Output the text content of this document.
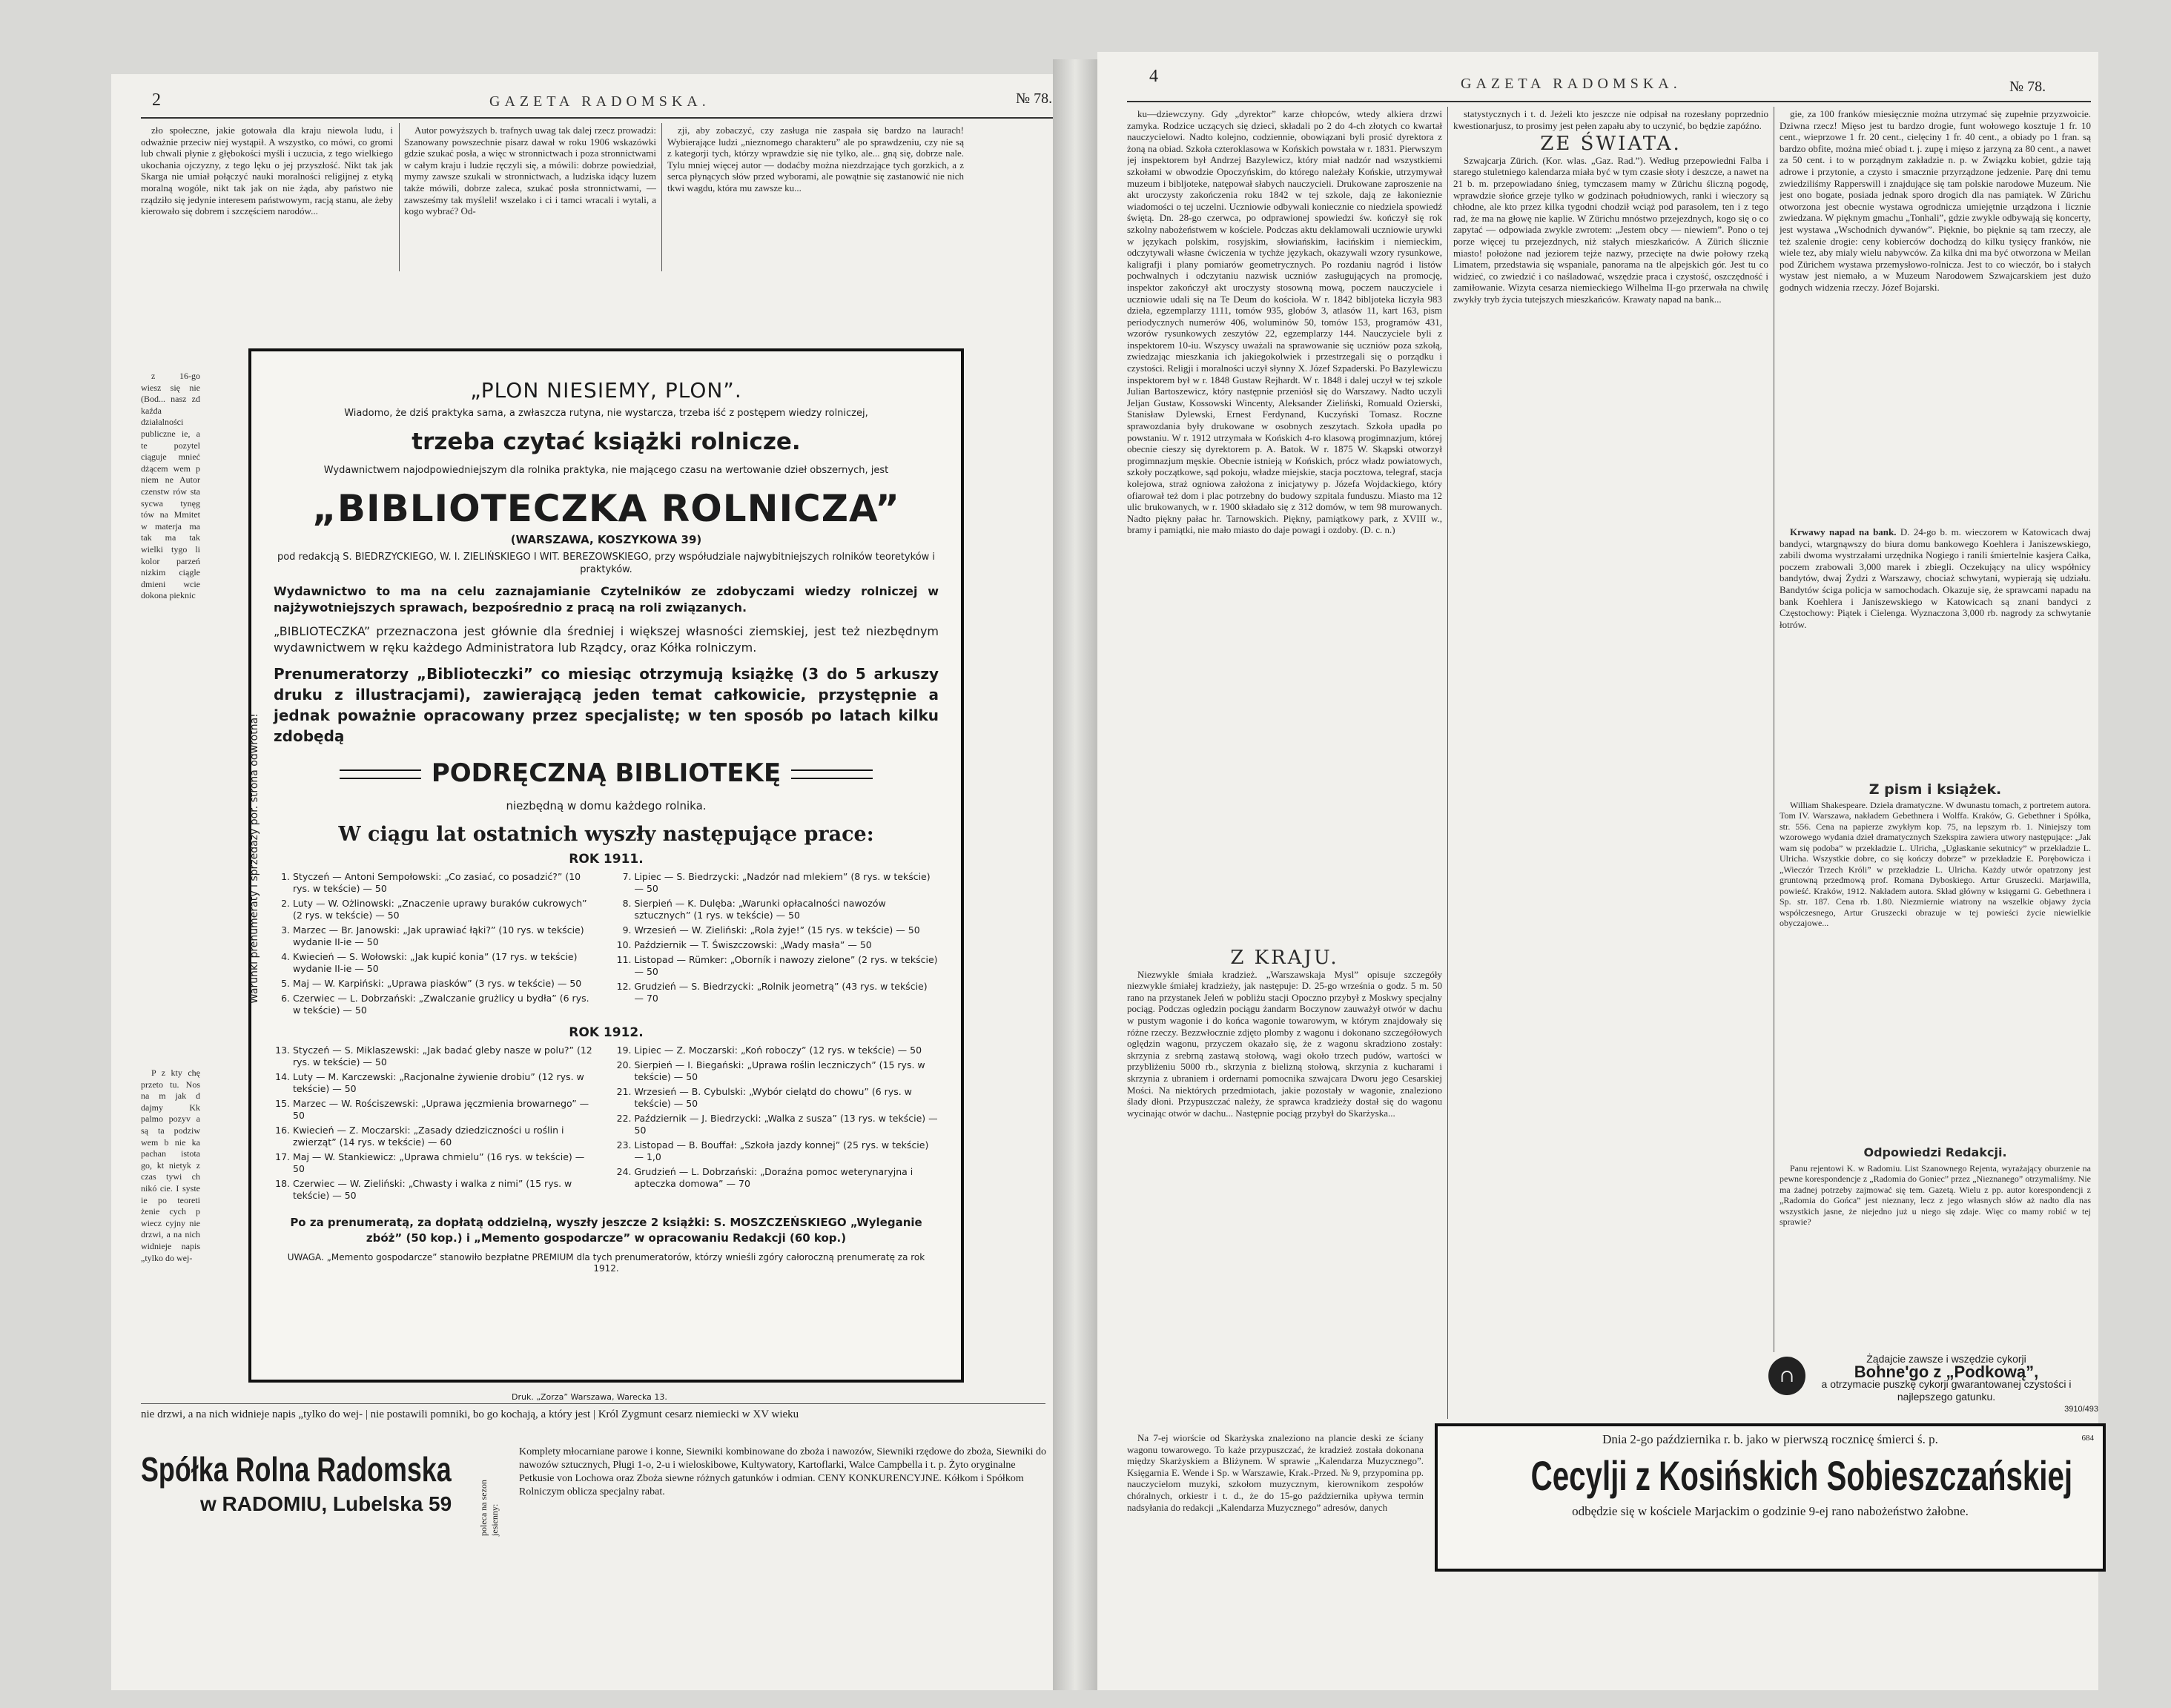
2	GAZETA RADOMSKA.	№ 78.

zło społeczne, jakie gotowała dla kraju niewola ludu, i odważnie przeciw niej wystąpił. A wszystko, co mówi, co gromi lub chwali płynie z głębokości myśli i uczucia, z tego wielkiego ukochania ojczyzny, z tego lęku o jej przyszłość. Nikt tak jak Skarga nie umiał połączyć nauki moralności religijnej z etyką moralną wogóle, nikt tak jak on nie żąda, aby państwo nie rządziło się jedynie interesem państwowym, racją stanu, ale żeby kierowało się dobrem i szczęściem narodów...

Autor powyższych b. trafnych uwag tak dalej rzecz prowadzi: Szanowany powszechnie pisarz dawał w roku 1906 wskazówki gdzie szukać posła, a więc w stronnictwach i poza stronnictwami w całym kraju i ludzie ręczyli się, a mówili: dobrze powiedział, mymy zawsze szukali w stronnictwach, a ludziska idący luzem także mówili, dobrze zaleca, szukać posła stronnictwami, — zawsześmy tak myśleli! wszelako i ci i tamci wracali i wytali, a kogo wybrać? Od-

zji, aby zobaczyć, czy zasługa nie zaspała się bardzo na laurach! Wybierające ludzi „nieznomego charakteru” ale po sprawdzeniu, czy nie są z kategorji tych, którzy wprawdzie się nie tylko, ale... gną się, dobrze nale. Tylu mniej więcej autor — dodaćby można niezdrzające tych gorzkich, a z serca płynących słów przed wyborami, ale powątnie się zastanowić nie nich tkwi wagdu, która mu zawsze ku...

z 16-go wiesz się nie (Bod... nasz zd kaźda działalności publiczne ie, a te pozytel ciąguje mnieć dżącem wem p niem ne Autor czenstw rów sta sycwa tynęg tów na Mmitet w materja ma tak ma tak wielki tygo li kolor parzeń nizkim ciągle dmieni wcie dokona pieknic

P z kty chę przeto tu. Nos na m jak d dajmy Kk palmo pozyv a są ta podziw wem b nie ka pachan istota go, kt nietyk z czas tywi ch nikó cie. I syste ie po teoreti żenie cych p wiecz cyjny nie drzwi, a na nich widnieje napis „tylko do wej-

Warunki prenumeraty i sprzedaży por. strona odwrotna!
„PLON NIESIEMY, PLON”.
Wiadomo, że dziś praktyka sama, a zwłaszcza rutyna, nie wystarcza, trzeba iść z postępem wiedzy rolniczej,
trzeba czytać książki rolnicze.
Wydawnictwem najodpowiedniejszym dla rolnika praktyka, nie mającego czasu na wertowanie dzieł obszernych, jest
„BIBLIOTECZKA ROLNICZA”
(WARSZAWA, KOSZYKOWA 39)
pod redakcją S. BIEDRZYCKIEGO, W. I. ZIELIŃSKIEGO I WIT. BEREZOWSKIEGO, przy współudziale najwybitniejszych rolników teoretyków i praktyków.
Wydawnictwo to ma na celu zaznajamianie Czytelników ze zdobyczami wiedzy rolniczej w najżywotniejszych sprawach, bezpośrednio z pracą na roli związanych.
„BIBLIOTECZKA” przeznaczona jest głównie dla średniej i większej własności ziemskiej, jest też niezbędnym wydawnictwem w ręku każdego Administratora lub Rządcy, oraz Kółka rolniczym.
Prenumeratorzy „Biblioteczki” co miesiąc otrzymują książkę (3 do 5 arkuszy druku z illustracjami), zawierającą jeden temat całkowicie, przystępnie a jednak poważnie opracowany przez specjalistę; w ten sposób po latach kilku zdobędą
PODRĘCZNĄ BIBLIOTEKĘ
niezbędną w domu każdego rolnika.
W ciągu lat ostatnich wyszły następujące prace:
ROK 1911.
1. Styczeń — Antoni Sempołowski: „Co zasiać, co posadzić?” (10 rys. w tekście) — 50
2. Luty — W. Ożlinowski: „Znaczenie uprawy buraków cukrowych” (2 rys. w tekście) — 50
3. Marzec — Br. Janowski: „Jak uprawiać łąki?” (10 rys. w tekście) wydanie II-ie — 50
4. Kwiecień — S. Wołowski: „Jak kupić konia” (17 rys. w tekście) wydanie II-ie — 50
5. Maj — W. Karpiński: „Uprawa piasków” (3 rys. w tekście) — 50
6. Czerwiec — L. Dobrzański: „Zwalczanie grużlicy u bydła” (6 rys. w tekście) — 50
7. Lipiec — S. Biedrzycki: „Nadzór nad mlekiem” (8 rys. w tekście) — 50
8. Sierpień — K. Dulęba: „Warunki opłacalności nawozów sztucznych” (1 rys. w tekście) — 50
9. Wrzesień — W. Zieliński: „Rola żyje!” (15 rys. w tekście) — 50
10. Październik — T. Świszczowski: „Wady masła” — 50
11. Listopad — Rümker: „Oborník i nawozy zielone” (2 rys. w tekście) — 50
12. Grudzień — S. Biedrzycki: „Rolnik jeometrą” (43 rys. w tekście) — 70
ROK 1912.
13. Styczeń — S. Miklaszewski: „Jak badać gleby nasze w polu?” (12 rys. w tekście) — 50
14. Luty — M. Karczewski: „Racjonalne żywienie drobiu” (12 rys. w tekście) — 50
15. Marzec — W. Rościszewski: „Uprawa jęczmienia browarnego” — 50
16. Kwiecień — Z. Moczarski: „Zasady dziedziczności u roślin i zwierząt” (14 rys. w tekście) — 60
17. Maj — W. Stankiewicz: „Uprawa chmielu” (16 rys. w tekście) — 50
18. Czerwiec — W. Zieliński: „Chwasty i walka z nimi” (15 rys. w tekście) — 50
19. Lipiec — Z. Moczarski: „Koń roboczy” (12 rys. w tekście) — 50
20. Sierpień — I. Biegański: „Uprawa roślin leczniczych” (15 rys. w tekście) — 50
21. Wrzesień — B. Cybulski: „Wybór cielątd do chowu” (6 rys. w tekście) — 50
22. Październik — J. Biedrzycki: „Walka z susza” (13 rys. w tekście) — 50
23. Listopad — B. Bouffał: „Szkoła jazdy konnej” (25 rys. w tekście) — 1,0
24. Grudzień — L. Dobrzański: „Doraźna pomoc weterynaryjna i apteczka domowa” — 70
Po za prenumeratą, za dopłatą oddzielną, wyszły jeszcze 2 książki: S. MOSZCZEŃSKIEGO „Wyleganie zbóż” (50 kop.) i „Memento gospodarcze” w opracowaniu Redakcji (60 kop.)
UWAGA. „Memento gospodarcze” stanowiło bezpłatne PREMIUM dla tych prenumeratorów, którzy wnieśli zgóry całoroczną prenumeratę za rok 1912.
Druk. „Zorza” Warszawa, Warecka 13.
nie drzwi, a na nich widnieje napis „tylko do wej- | nie postawili pomniki, bo go kochają, a który jest | Król Zygmunt cesarz niemiecki w XV wieku
Spółka Rolna Radomska
w RADOMIU, Lubelska 59	poleca na sezon jesienny:
Komplety młocarniane parowe i konne, Siewniki kombinowane do zboża i nawozów, Siewniki rzędowe do zboża, Siewniki do nawozów sztucznych, Pługi 1-o, 2-u i wieloskibowe, Kultywatory, Kartoflarki, Walce Campbella i t. p. Żyto oryginalne Petkusie von Lochowa oraz Zboża siewne różnych gatunków i odmian. CENY KONKURENCYJNE. Kółkom i Spółkom Rolniczym oblicza specjalny rabat.
4	GAZETA RADOMSKA.	№ 78.

ku—dziewczyny. Gdy „dyrektor” karze chłopców, wtedy alkiera drzwi zamyka. Rodzice uczących się dzieci, składali po 2 do 4-ch złotych co kwartał nauczycielowi. Nadto kolejno, codziennie, obowiązani byli prosić dyrektora z żoną na obiad. Szkoła czteroklasowa w Końskich powstała w r. 1831. Pierwszym jej inspektorem był Andrzej Bazylewicz, który miał nadzór nad wszystkiemi szkołami w obwodzie Opoczyńskim, do którego należały Końskie, utrzymywał muzeum i bibljoteke, natępował słabych nauczycieli. Drukowane zaproszenie na akt uroczysty zakończenia roku 1842 w tej szkole, dają ze łakonieznie wiadomości o tej uczelni. Uczniowie odbywali koniecznie co niedziela spowiedź świętą. Dn. 28-go czerwca, po odprawionej spowiedzi św. kończył się rok szkolny nabożeństwem w kościele. Podczas aktu deklamowali uczniowie urywki w językach polskim, rosyjskim, słowiańskim, łacińskim i niemieckim, odczytywali własne ćwiczenia w tychże językach, okazywali wzory rysunkowe, kaligrafji i plany pomiarów geometrycznych. Po rozdaniu nagród i listów pochwalnych i odczytaniu nazwisk uczniów zasługujących na promocję, inspektor zakończył akt uroczysty stosowną mową, poczem nauczyciele i uczniowie udali się na Te Deum do kościoła. W r. 1842 bibljoteka liczyła 983 dzieła, egzemplarzy 1111, tomów 935, globów 3, atlasów 11, kart 163, pism periodycznych numerów 406, woluminów 50, tomów 153, programów 431, wzorów rysunkowych zeszytów 22, egzemplarzy 144. Nauczyciele byli z inspektorem 10-iu. Wszyscy uważali na sprawowanie się uczniów poza szkołą, zwiedzając mieszkania ich jakiegokolwiek i przestrzegali się o porządku i czystości. Religji i moralności uczył słynny X. Józef Szpaderski. Po Bazylewiczu inspektorem był w r. 1848 Gustaw Rejhardt. W r. 1848 i dalej uczył w tej szkole Julian Bartoszewicz, który następnie przeniósł się do Warszawy. Nadto uczyli Jeljan Gustaw, Kossowski Wincenty, Aleksander Zieliński, Romuald Ozierski, Stanisław Dylewski, Ernest Ferdynand, Kuczyński Tomasz. Roczne sprawozdania były drukowane w osobnych zeszytach. Szkoła upadła po powstaniu. W r. 1912 utrzymała w Końskich 4-ro klasową progimnazjum, której obecnie cieszy się dyrektorem p. A. Batok. W r. 1875 W. Skąpski otworzył progimnazjum męskie. Obecnie istnieją w Końskich, prócz władz powiatowych, szkoły początkowe, sąd pokoju, władze miejskie, stacja pocztowa, telegraf, stacja kolejowa, straż ogniowa założona z inicjatywy p. Józefa Wojdackiego, który ofiarował też dom i plac potrzebny do budowy szpitala funduszu. Miasto ma 12 ulic brukowanych, w r. 1900 składało się z 312 domów, w tem 98 murowanych. Nadto piękny pałac hr. Tarnowskich. Piękny, pamiątkowy park, z XVIII w., bramy i pamiątki, nie mało miasto do daje powagi i ozdoby. (D. c. n.)

Z KRAJU.

Niezwykle śmiała kradzież. „Warszawskaja Mysl” opisuje szczegóły niezwykle śmiałej kradzieży, jak następuje: D. 25-go września o godz. 5 m. 50 rano na przystanek Jeleń w pobliżu stacji Opoczno przybył z Moskwy specjalny pociąg. Podczas ogledzin pociągu żandarm Boczynow zauważył otwór w dachu w pustym wagonie i do końca wagonie towarowym, w którym znajdowały się różne rzeczy. Bezzwłocznie zdjęto plomby z wagonu i dokonano szczegółowych oględzin wagonu, przyczem okazało się, że z wagonu skradziono zostały: skrzynia z srebrną zastawą stołową, wagi około trzech pudów, wartości w przybliżeniu 5000 rb., skrzynia z bielizną stołową, skrzynia z kucharami i skrzynia z ubraniem i ordernami pomocnika szwajcara Dworu jego Cesarskiej Mości. Na niektórych przedmiotach, jakie pozostały w wagonie, znaleziono ślady dłoni. Przypuszczać należy, że sprawca kradzieży dostał się do wagonu wycinając otwór w dachu... Następnie pociąg przybył do Skarżyska...

statystycznych i t. d. Jeżeli kto jeszcze nie odpisał na rozesłany poprzednio kwestionarjusz, to prosimy jest pełen zapału aby to uczynić, bo będzie zapóźno.

ZE ŚWIATA.

Szwajcarja Zürich. (Kor. wlas. „Gaz. Rad.”). Według przepowiedni Falba i starego stuletniego kalendarza miała być w tym czasie słoty i deszcze, a nawet na 21 b. m. przepowiadano śnieg, tymczasem mamy w Zürichu śliczną pogodę, wprawdzie słońce grzeje tylko w godzinach południowych, ranki i wieczory są chłodne, ale kto przez kilka tygodni chodził wciąż pod parasolem, ten i z tego rad, że ma na głowę nie kaplie. W Zürichu mnóstwo przejezdnych, kogo się o co zapytać — odpowiada zwykle zwrotem: „Jestem obcy — niewiem”. Pono o tej porze więcej tu przejezdnych, niż stałych mieszkańców. A Zürich ślicznie miasto! położone nad jeziorem tejże nazwy, przecięte na dwie połowy rzeką Limatem, przedstawia się wspaniale, panorama na tle alpejskich gór. Jest tu co widzieć, co zwiedzić i co naśladować, wszędzie praca i czystość, oszczędność i zamiłowanie. Wizyta cesarza niemieckiego Wilhelma II-go przerwała na chwilę zwykły tryb życia tutejszych mieszkańców. Krawaty napad na bank...

gie, za 100 franków miesięcznie można utrzymać się zupełnie przyzwoicie. Dziwna rzecz! Mięso jest tu bardzo drogie, funt wołowego kosztuje 1 fr. 10 cent., wieprzowe 1 fr. 20 cent., cielęciny 1 fr. 40 cent., a obiady po 1 fran. są bardzo obfite, można mieć obiad t. j. zupę i mięso z jarzyną za 80 cent., a nawet za 50 cent. i to w porządnym zakładzie n. p. w Związku kobiet, gdzie tają adrowe i przytonie, a czysto i smacznie przyrządzone jedzenie. Parę dni temu zwiedziliśmy Rapperswill i znajdujące się tam polskie narodowe Muzeum. Nie jest ono bogate, posiada jednak sporo drogich dla nas pamiątek. W Zürichu otworzona jest obecnie wystawa ogrodnicza umiejętnie urządzona i licznie zwiedzana. W pięknym gmachu „Tonhali”, gdzie zwykle odbywają się koncerty, jest wystawa „Wschodnich dywanów”. Pięknie, bo pięknie są tam rzeczy, ale też szalenie drogie: ceny kobierców dochodzą do kilku tysięcy franków, nie wiele tez, aby mialy wielu nabywców. Za kilka dni ma być otworzona w Meilan pod Zürichem wystawa przemysłowo-rolnicza. Jest to co wieczór, bo i stałych wystaw jest niemało, a w Muzeum Narodowem Szwajcarskiem jest dużo godnych widzenia rzeczy. Józef Bojarski.

Krwawy napad na bank. D. 24-go b. m. wieczorem w Katowicach dwaj bandyci, wtargnąwszy do biura domu bankowego Koehlera i Janiszewskiego, zabili dwoma wystrzałami urzędnika Nogiego i ranili śmiertelnie kasjera Całka, poczem zrabowali 3,000 marek i zbiegli. Oczekujący na ulicy współnicy bandytów, dwaj Żydzi z Warszawy, chociaż schwytani, wypierają się udziału. Bandytów ściga policja w samochodach. Okazuje się, że sprawcami napadu na bank Koehlera i Janiszewskiego w Katowicach są znani bandyci z Częstochowy: Piątek i Cielenga. Wyznaczona 3,000 rb. nagrody za schwytanie łotrów.

Z pism i książek.

William Shakespeare. Dzieła dramatyczne. W dwunastu tomach, z portretem autora. Tom IV. Warszawa, nakładem Gebethnera i Wolffa. Kraków, G. Gebethner i Spółka, str. 556. Cena na papierze zwykłym kop. 75, na lepszym rb. 1. Niniejszy tom wzorowego wydania dzieł dramatycznych Szekspira zawiera utwory następujące: „Jak wam się podoba” w przekładzie L. Ulricha, „Ugłaskanie sekutnicy” w przekładzie L. Ulricha. Wszystkie dobre, co się kończy dobrze” w przekładzie E. Porębowicza i „Wieczór Trzech Króli” w przekładzie L. Ulricha. Każdy utwór opatrzony jest gruntowną przedmową prof. Romana Dyboskiego. Artur Gruszecki. Marjawilla, powieść. Kraków, 1912. Nakładem autora. Skład główny w księgarni G. Gebethnera i Sp. str. 187. Cena rb. 1.80. Niezmiernie wiatrony na wszelkie objawy życia współczesnego, Artur Gruszecki obrazuje w tej powieści życie niewielkie obyczajowe...

Odpowiedzi Redakcji.

Panu rejentowi K. w Radomiu. List Szanownego Rejenta, wyrażający oburzenie na pewne korespondencje z „Radomia do Goniec” przez „Nieznanego” otrzymaliśmy. Nie ma żadnej potrzeby zajmować się tem. Gazetą. Wielu z pp. autor korespondencji z „Radomia do Gońca” jest nieznany, lecz z jego własnych słów aż nadto dla nas wszystkich jasne, że niejedno już u niego się zdaje. Więc co mamy robić w tej sprawie?

Na 7-ej wiorście od Skarżyska znaleziono na plancie deski ze ściany wagonu towarowego. To każe przypuszczać, że kradzież została dokonana między Skarżyskiem a Bliżynem. W sprawie „Kalendarza Muzycznego”. Księgarnia E. Wende i Sp. w Warszawie, Krak.-Przed. № 9, przypomina pp. nauczycielom muzyki, szkołom muzycznym, kierownikom zespołów chóralnych, orkiestr i t. d., że do 15-go października upływa termin nadsyłania do redakcji „Kalendarza Muzycznego” adresów, danych

∩
Żądajcie zawsze i wszędzie cykorji
Bohne'go z „Podkową”,
a otrzymacie puszkę cykorji gwarantowanej czystości i najlepszego gatunku.
3910/493
Dnia 2-go października r. b. jako w pierwszą rocznicę śmierci ś. p.
Cecylji z Kosińskich Sobieszczańskiej
odbędzie się w kościele Marjackim o godzinie 9-ej rano nabożeństwo żałobne.
684
